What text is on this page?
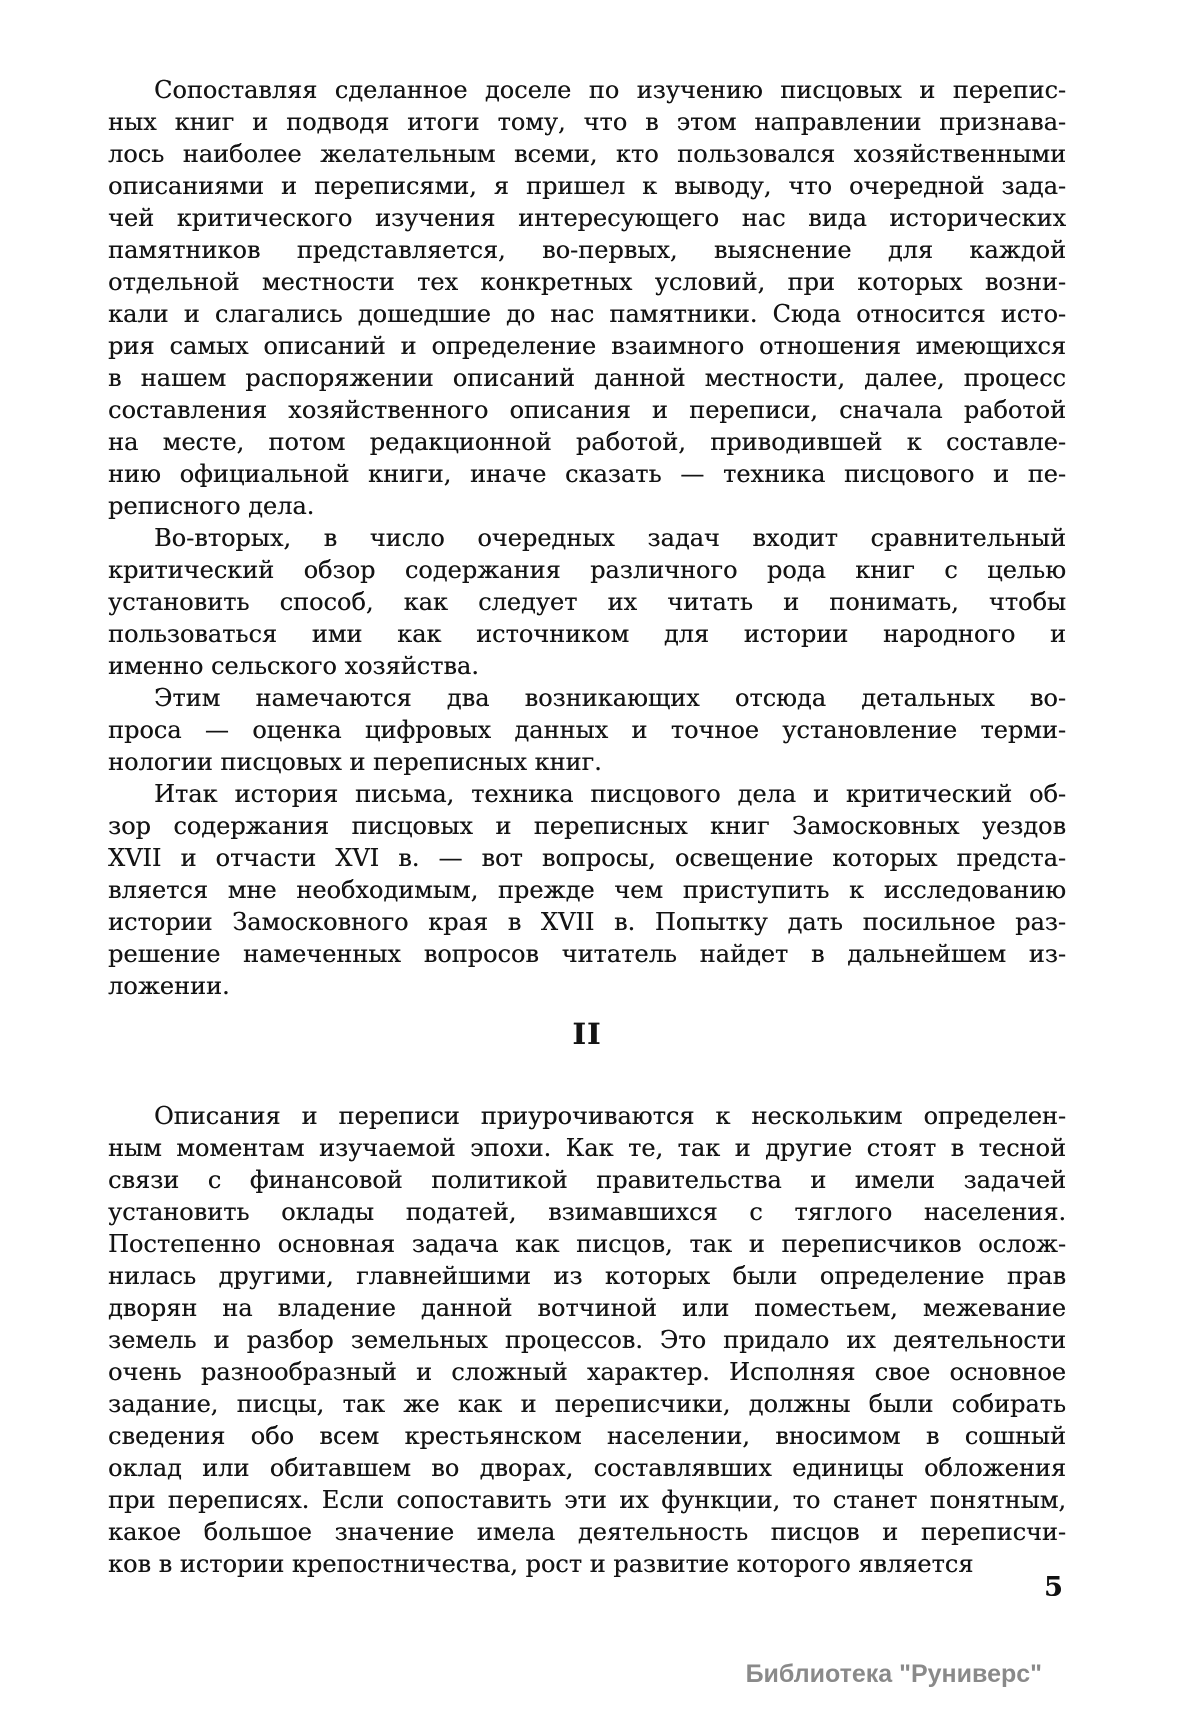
Сопоставляя сделанное доселе по изучению писцовых и перепис-
ных книг и подводя итоги тому, что в этом направлении признава-
лось наиболее желательным всеми, кто пользовался хозяйственными
описаниями и переписями, я пришел к выводу, что очередной зада-
чей критического изучения интересующего нас вида исторических
памятников представляется, во-первых, выяснение для каждой
отдельной местности тех конкретных условий, при которых возни-
кали и слагались дошедшие до нас памятники. Сюда относится исто-
рия самых описаний и определение взаимного отношения имеющихся
в нашем распоряжении описаний данной местности, далее, процесс
составления хозяйственного описания и переписи, сначала работой
на месте, потом редакционной работой, приводившей к составле-
нию официальной книги, иначе сказать — техника писцового и пе-
реписного дела.

Во-вторых, в число очередных задач входит сравнительный
критический обзор содержания различного рода книг с целью
установить способ, как следует их читать и понимать, чтобы
пользоваться ими как источником для истории народного и
именно сельского хозяйства.

Этим намечаются два возникающих отсюда детальных во-
проса — оценка цифровых данных и точное установление терми-
нологии писцовых и переписных книг.

Итак история письма, техника писцового дела и критический об-
зор содержания писцовых и переписных книг Замосковных уездов
XVII и отчасти XVI в. — вот вопросы, освещение которых предста-
вляется мне необходимым, прежде чем приступить к исследованию
истории Замосковного края в XVII в. Попытку дать посильное раз-
решение намеченных вопросов читатель найдет в дальнейшем из-
ложении.

II

Описания и переписи приурочиваются к нескольким определен-
ным моментам изучаемой эпохи. Как те, так и другие стоят в тесной
связи с финансовой политикой правительства и имели задачей
установить оклады податей, взимавшихся с тяглого населения.
Постепенно основная задача как писцов, так и переписчиков ослож-
нилась другими, главнейшими из которых были определение прав
дворян на владение данной вотчиной или поместьем, межевание
земель и разбор земельных процессов. Это придало их деятельности
очень разнообразный и сложный характер. Исполняя свое основное
задание, писцы, так же как и переписчики, должны были собирать
сведения обо всем крестьянском населении, вносимом в сошный
оклад или обитавшем во дворах, составлявших единицы обложения
при переписях. Если сопоставить эти их функции, то станет понятным,
какое большое значение имела деятельность писцов и переписчи-
ков в истории крепостничества, рост и развитие которого является

5
Библиотека "Руниверс"
